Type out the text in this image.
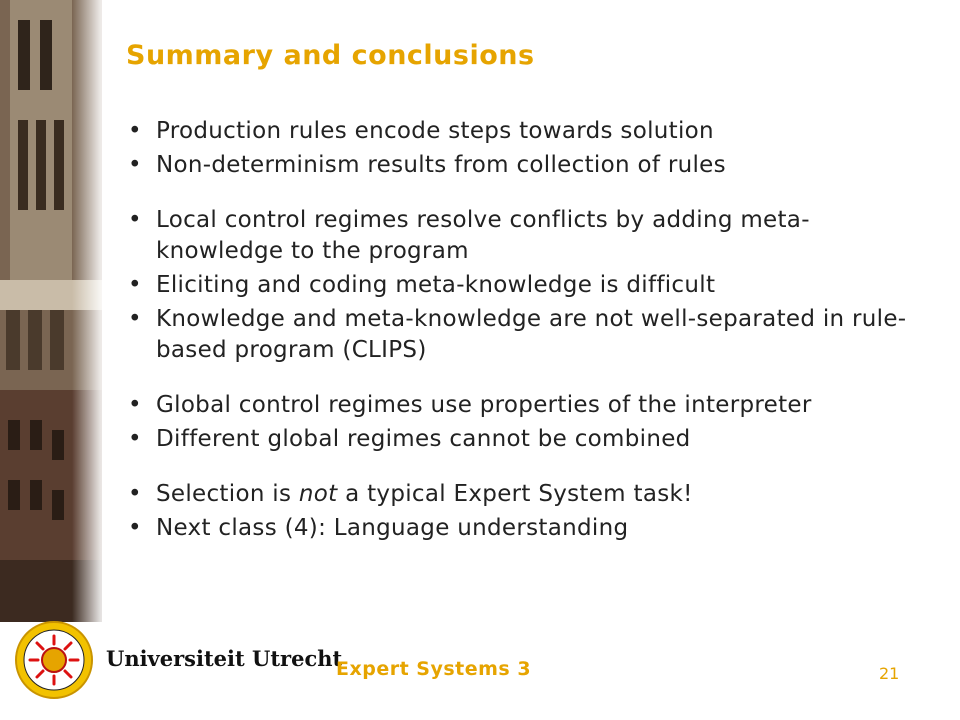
Summary and conclusions
• Production rules encode steps towards solution
• Non-determinism results from collection of rules
• Local control regimes resolve conflicts by adding meta-knowledge to the program
• Eliciting and coding meta-knowledge is difficult
• Knowledge and meta-knowledge are not well-separated in rule-based program (CLIPS)
• Global control regimes use properties of the interpreter
• Different global regimes cannot be combined
• Selection is not a typical Expert System task!
• Next class (4): Language understanding
Universiteit Utrecht
Expert Systems 3	21
